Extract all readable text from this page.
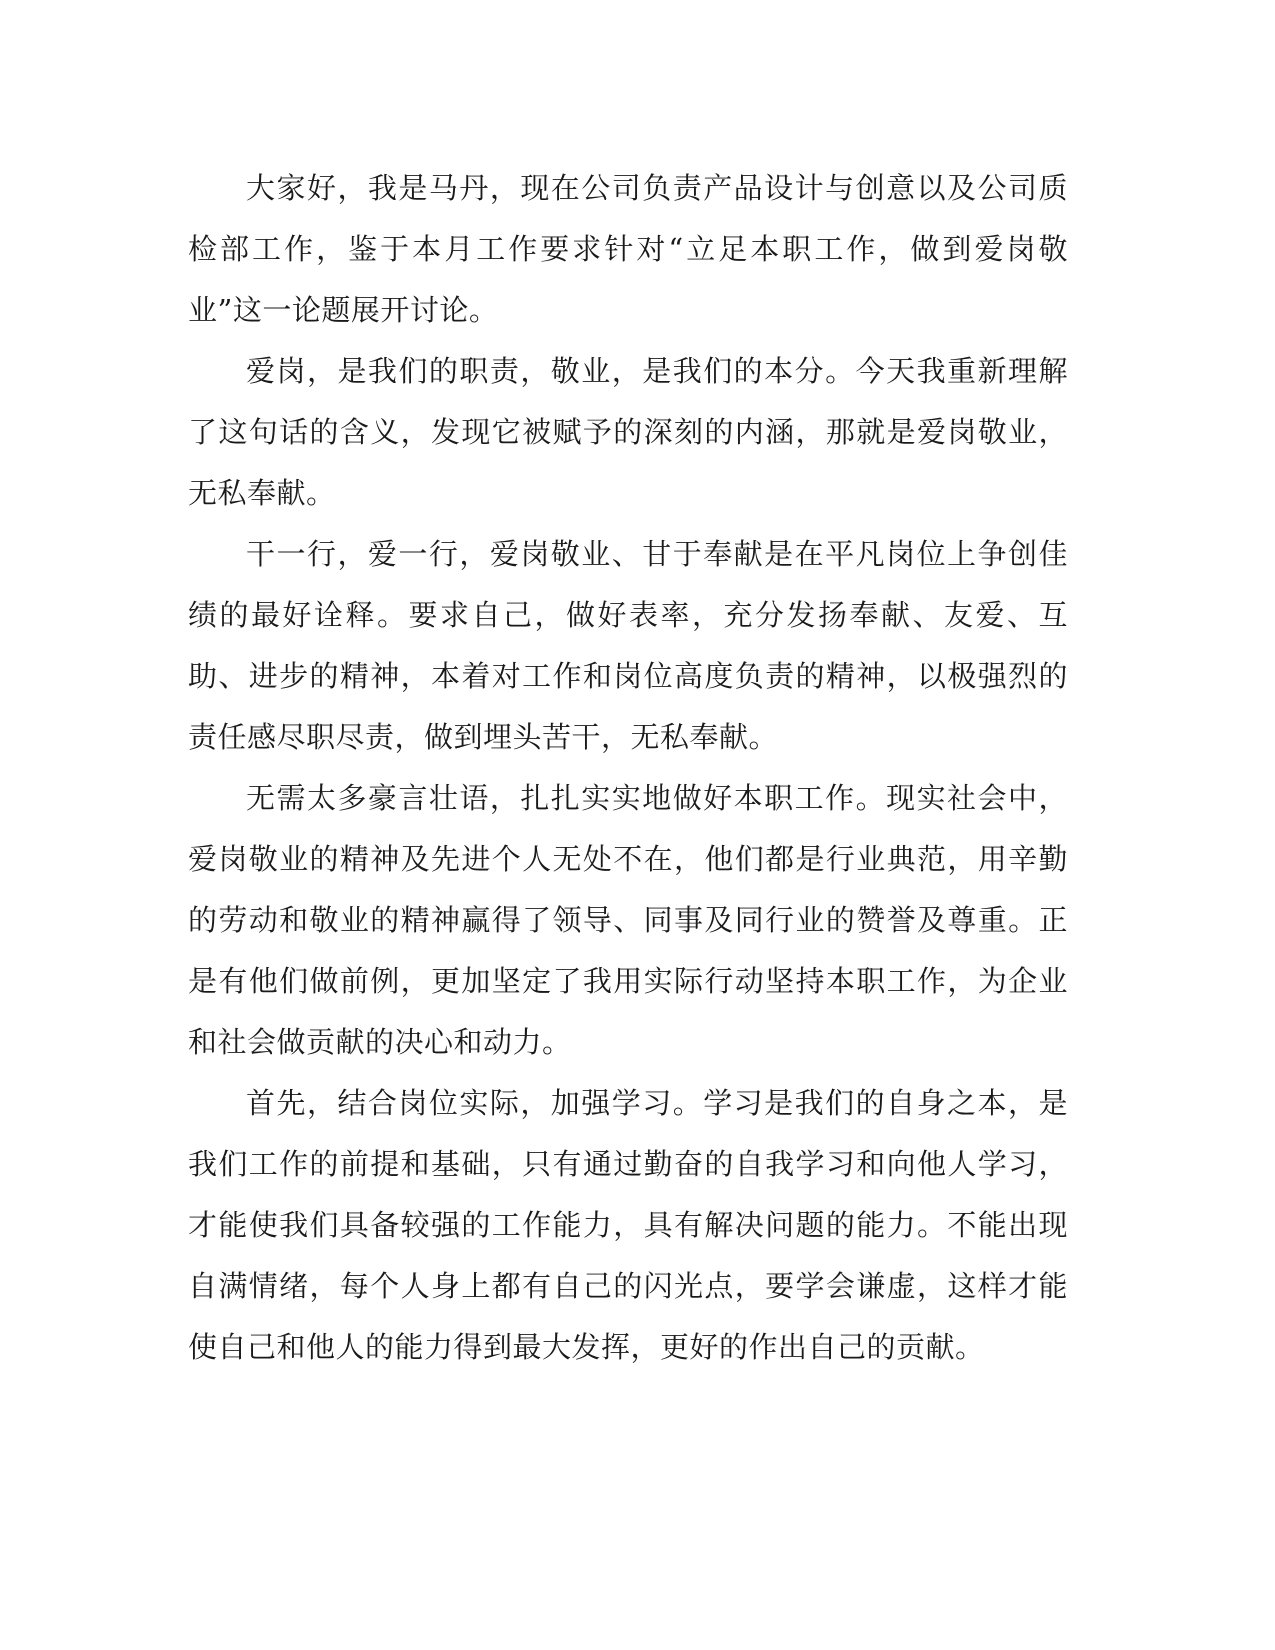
大家好，我是马丹，现在公司负责产品设计与创意以及公司质检部工作，鉴于本月工作要求针对“立足本职工作，做到爱岗敬业”这一论题展开讨论。

爱岗，是我们的职责，敬业，是我们的本分。今天我重新理解了这句话的含义，发现它被赋予的深刻的内涵，那就是爱岗敬业，无私奉献。

干一行，爱一行，爱岗敬业、甘于奉献是在平凡岗位上争创佳绩的最好诠释。要求自己，做好表率，充分发扬奉献、友爱、互助、进步的精神，本着对工作和岗位高度负责的精神，以极强烈的责任感尽职尽责，做到埋头苦干，无私奉献。

无需太多豪言壮语，扎扎实实地做好本职工作。现实社会中，爱岗敬业的精神及先进个人无处不在，他们都是行业典范，用辛勤的劳动和敬业的精神赢得了领导、同事及同行业的赞誉及尊重。正是有他们做前例，更加坚定了我用实际行动坚持本职工作，为企业和社会做贡献的决心和动力。

首先，结合岗位实际，加强学习。学习是我们的自身之本，是我们工作的前提和基础，只有通过勤奋的自我学习和向他人学习，才能使我们具备较强的工作能力，具有解决问题的能力。不能出现自满情绪，每个人身上都有自己的闪光点，要学会谦虚，这样才能使自己和他人的能力得到最大发挥，更好的作出自己的贡献。
